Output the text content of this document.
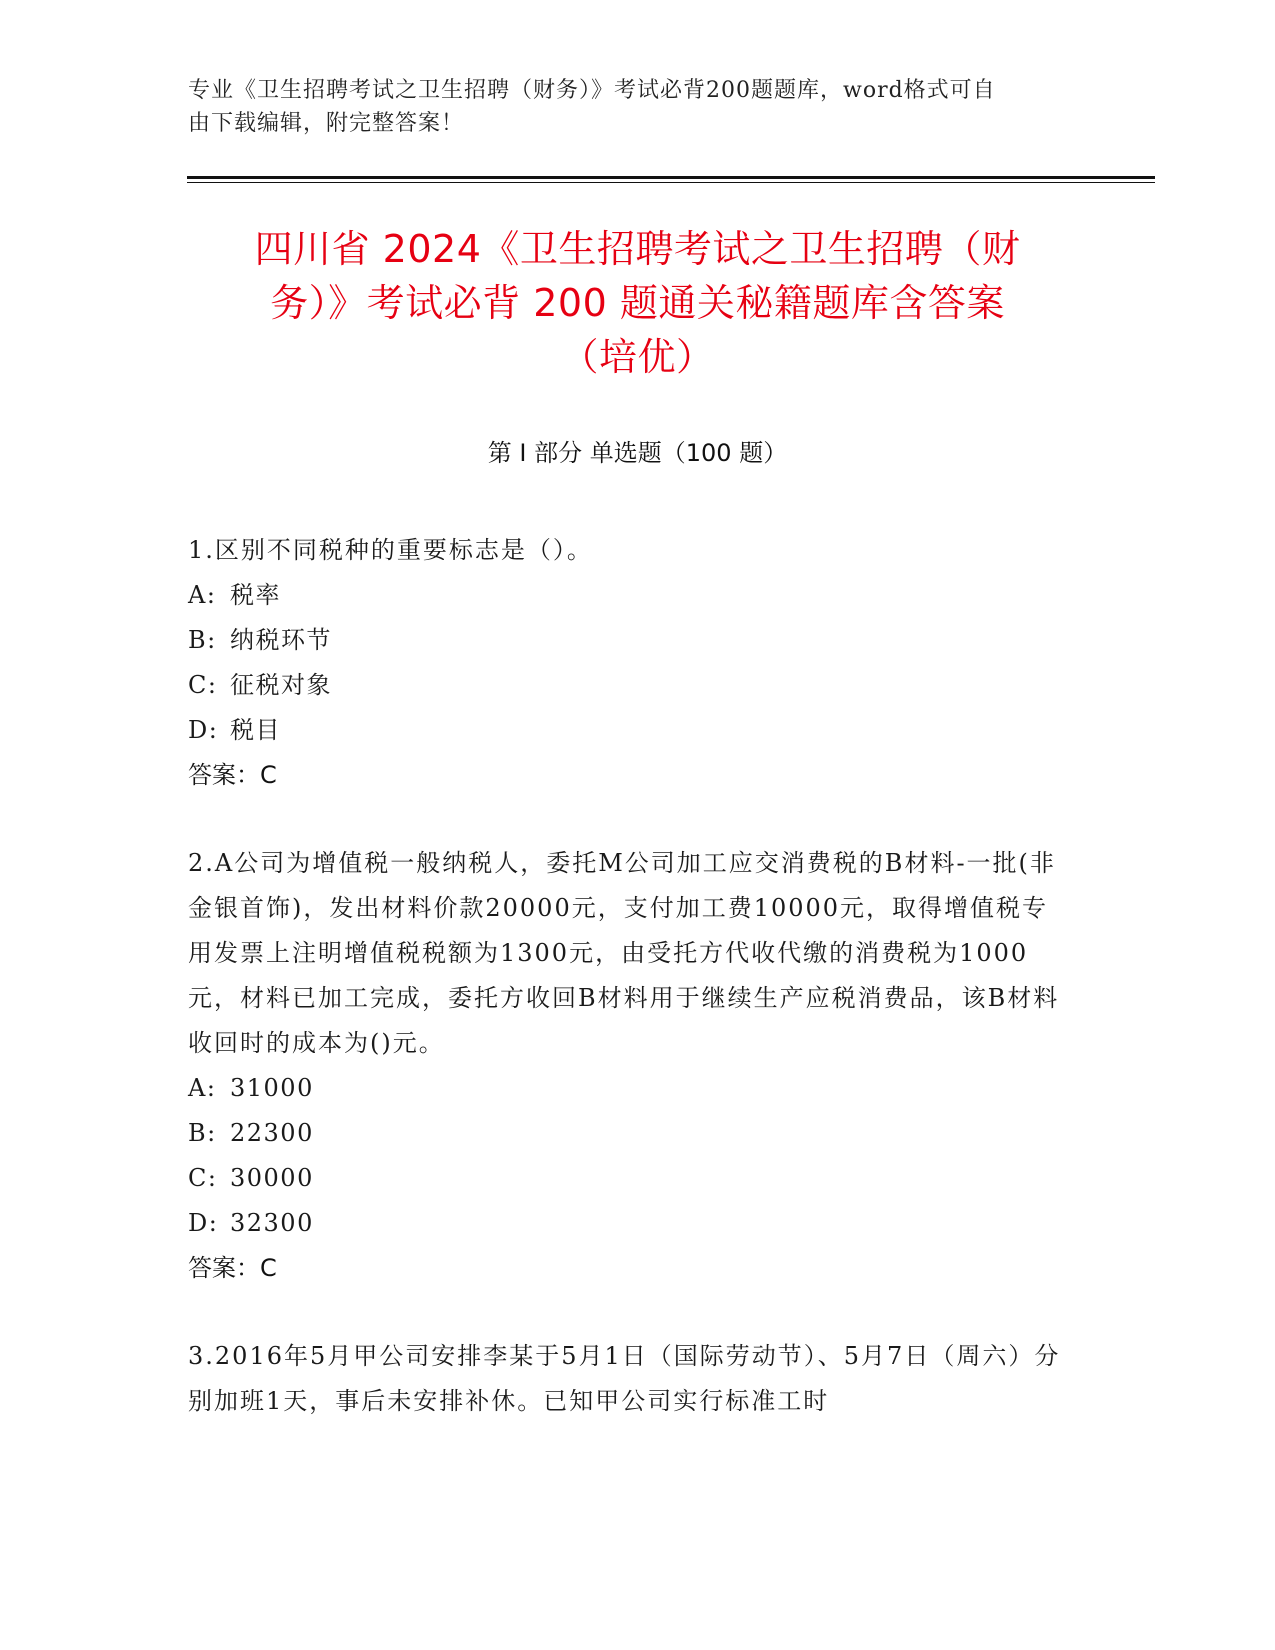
专业《卫生招聘考试之卫生招聘（财务）》考试必背200题题库，word格式可自
由下载编辑，附完整答案！
四川省 2024《卫生招聘考试之卫生招聘（财
务）》考试必背 200 题通关秘籍题库含答案
（培优）
第 I 部分 单选题（100 题）
1.区别不同税种的重要标志是（）。
A: 税率
B: 纳税环节
C: 征税对象
D: 税目
答案：C
2.A公司为增值税一般纳税人，委托M公司加工应交消费税的B材料-一批(非金银首饰)，发出材料价款20000元，支付加工费10000元，取得增值税专用发票上注明增值税税额为1300元，由受托方代收代缴的消费税为1000元，材料已加工完成，委托方收回B材料用于继续生产应税消费品，该B材料收回时的成本为()元。
A: 31000
B: 22300
C: 30000
D: 32300
答案：C
3.2016年5月甲公司安排李某于5月1日（国际劳动节）、5月7日（周六）分别加班1天，事后未安排补休。已知甲公司实行标准工时
